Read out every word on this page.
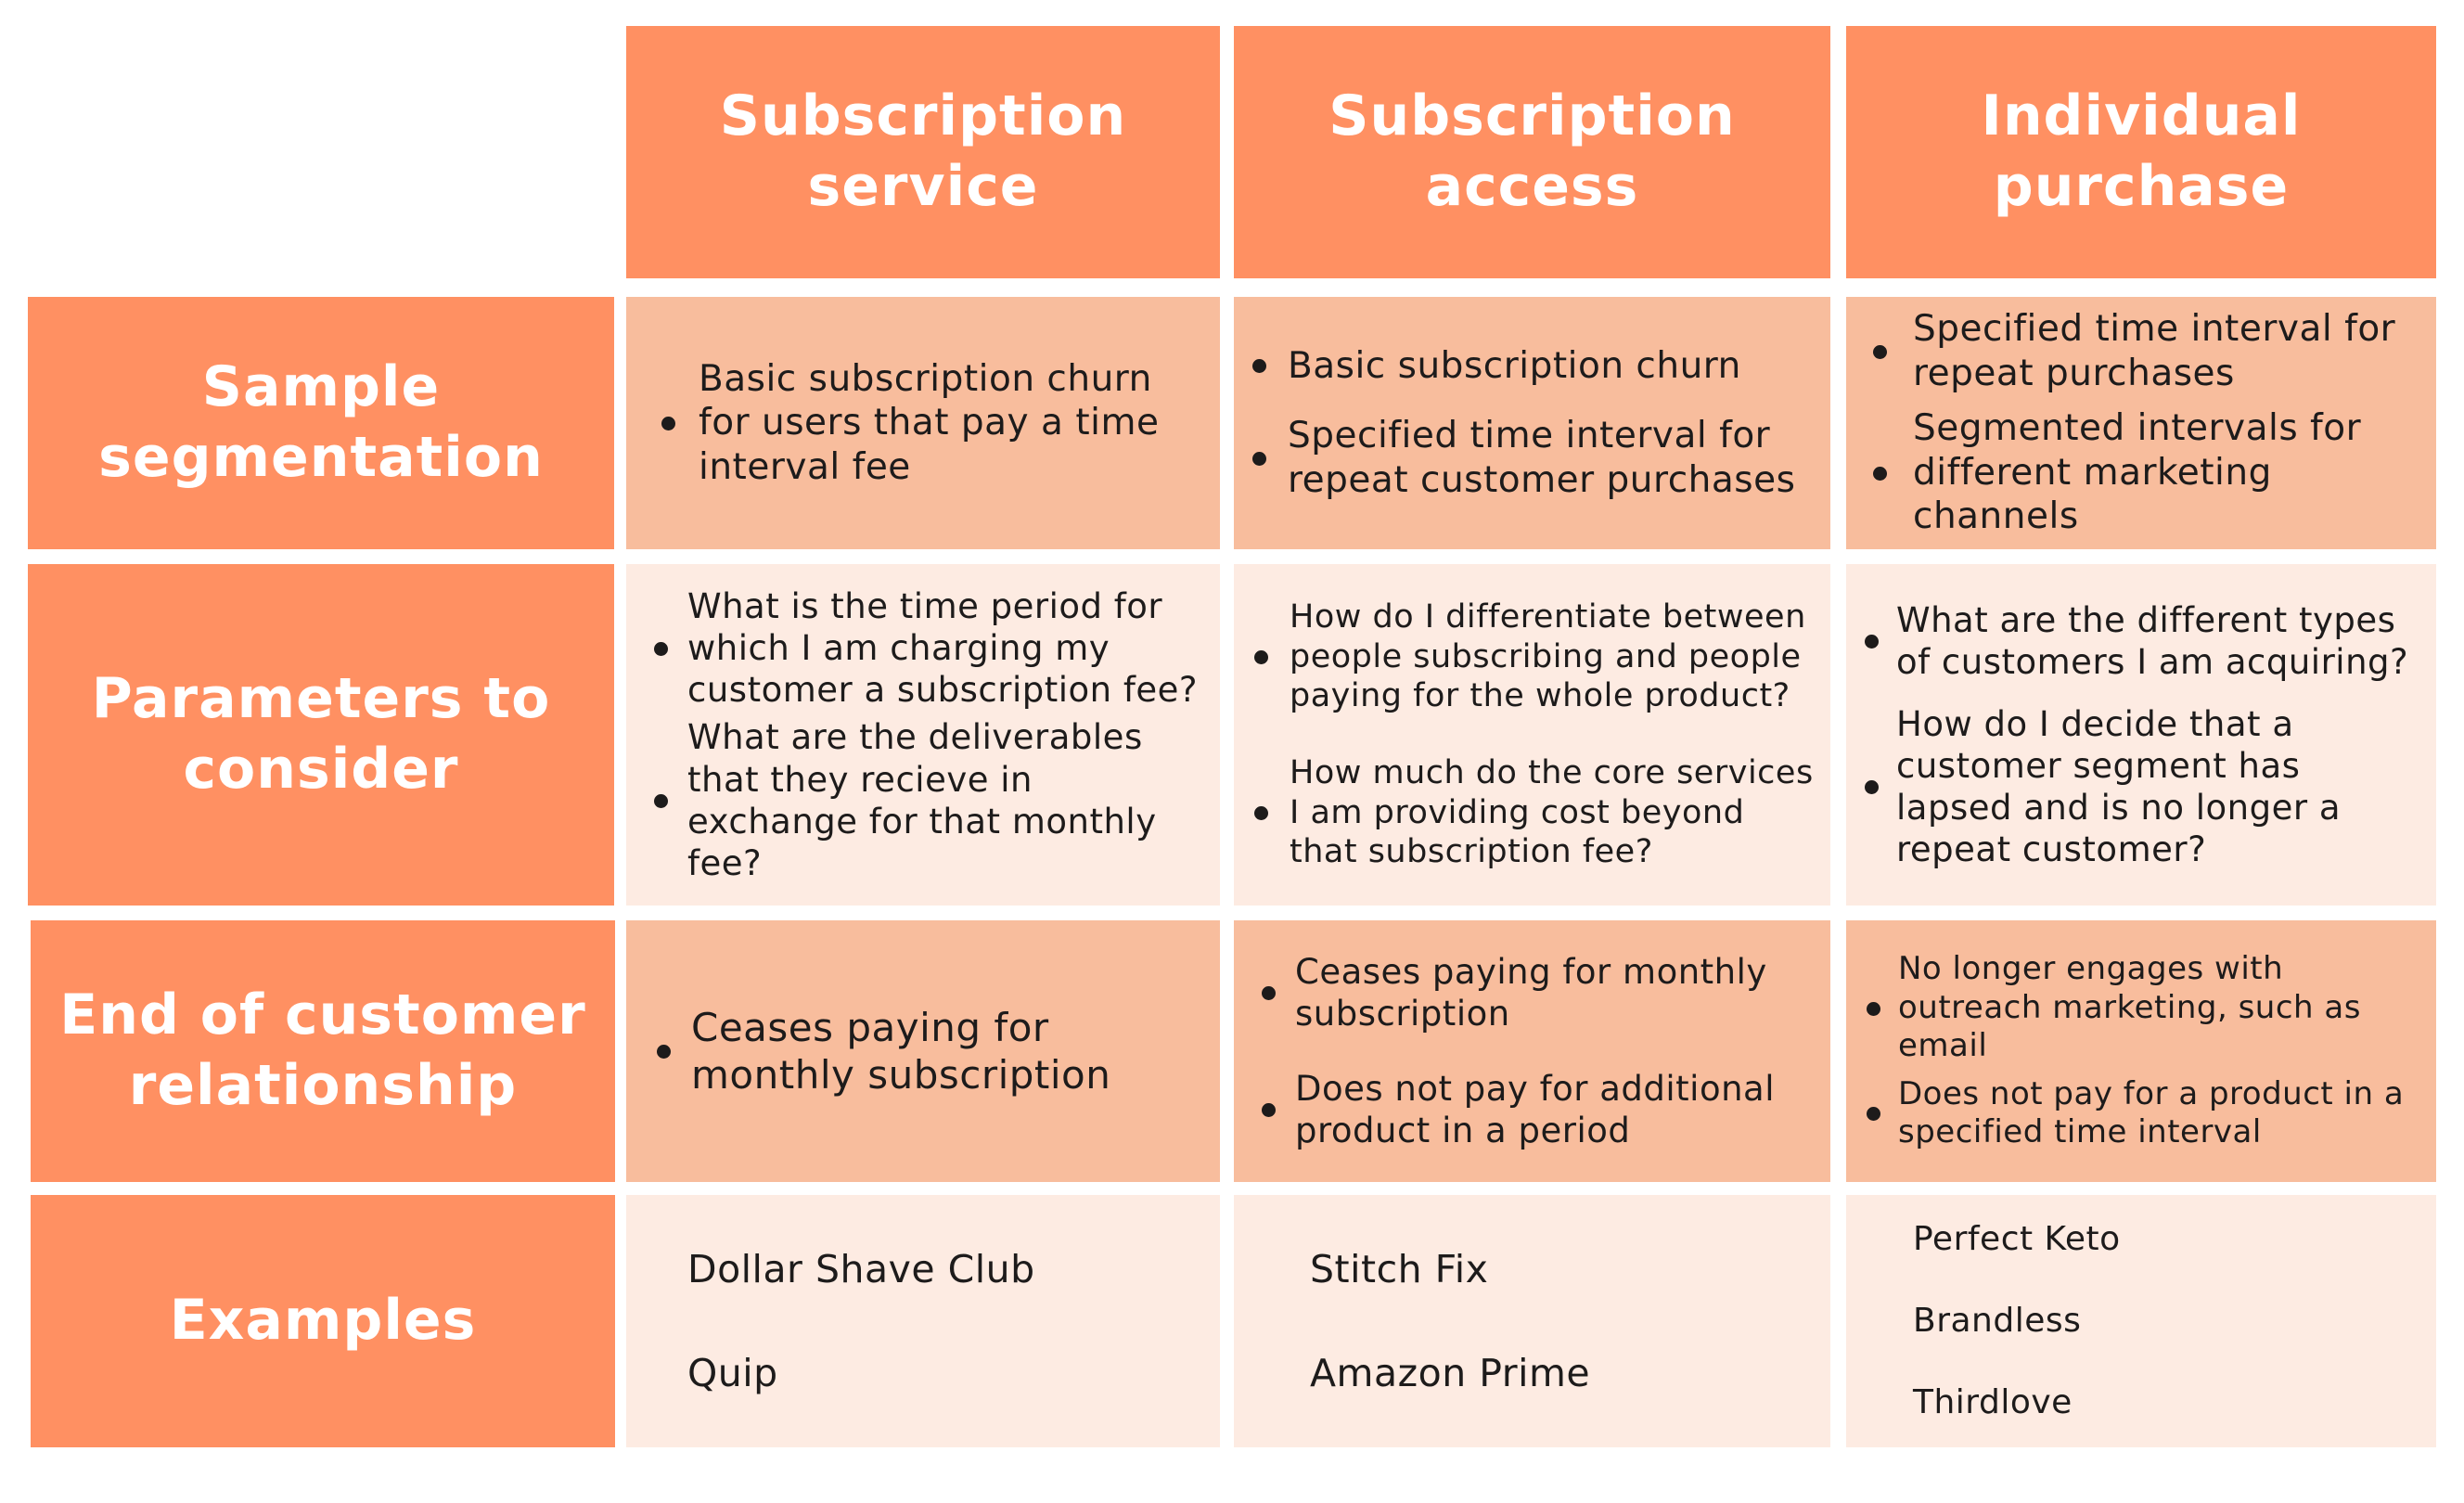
Subscription
service
Subscription
access
Individual
purchase
Sample
segmentation
Parameters to
consider
End of customer
relationship
Examples
Basic subscription churn for users that pay a time interval fee
Basic subscription churn
Specified time interval for repeat customer purchases
Specified time interval for repeat purchases
Segmented intervals for different marketing channels
What is the time period for which I am charging my customer a subscription fee?
What are the deliverables that they recieve in exchange for that monthly fee?
How do I differentiate between people subscribing and people paying for the whole product?
How much do the core services I am providing cost beyond that subscription fee?
What are the different types of customers I am acquiring?
How do I decide that a customer segment has lapsed and is no longer a repeat customer?
Ceases paying for monthly subscription
Ceases paying for monthly subscription
Does not pay for additional product in a period
No longer engages with outreach marketing, such as email
Does not pay for a product in a specified time interval
Dollar Shave Club
Quip
Stitch Fix
Amazon Prime
Perfect Keto
Brandless
Thirdlove
